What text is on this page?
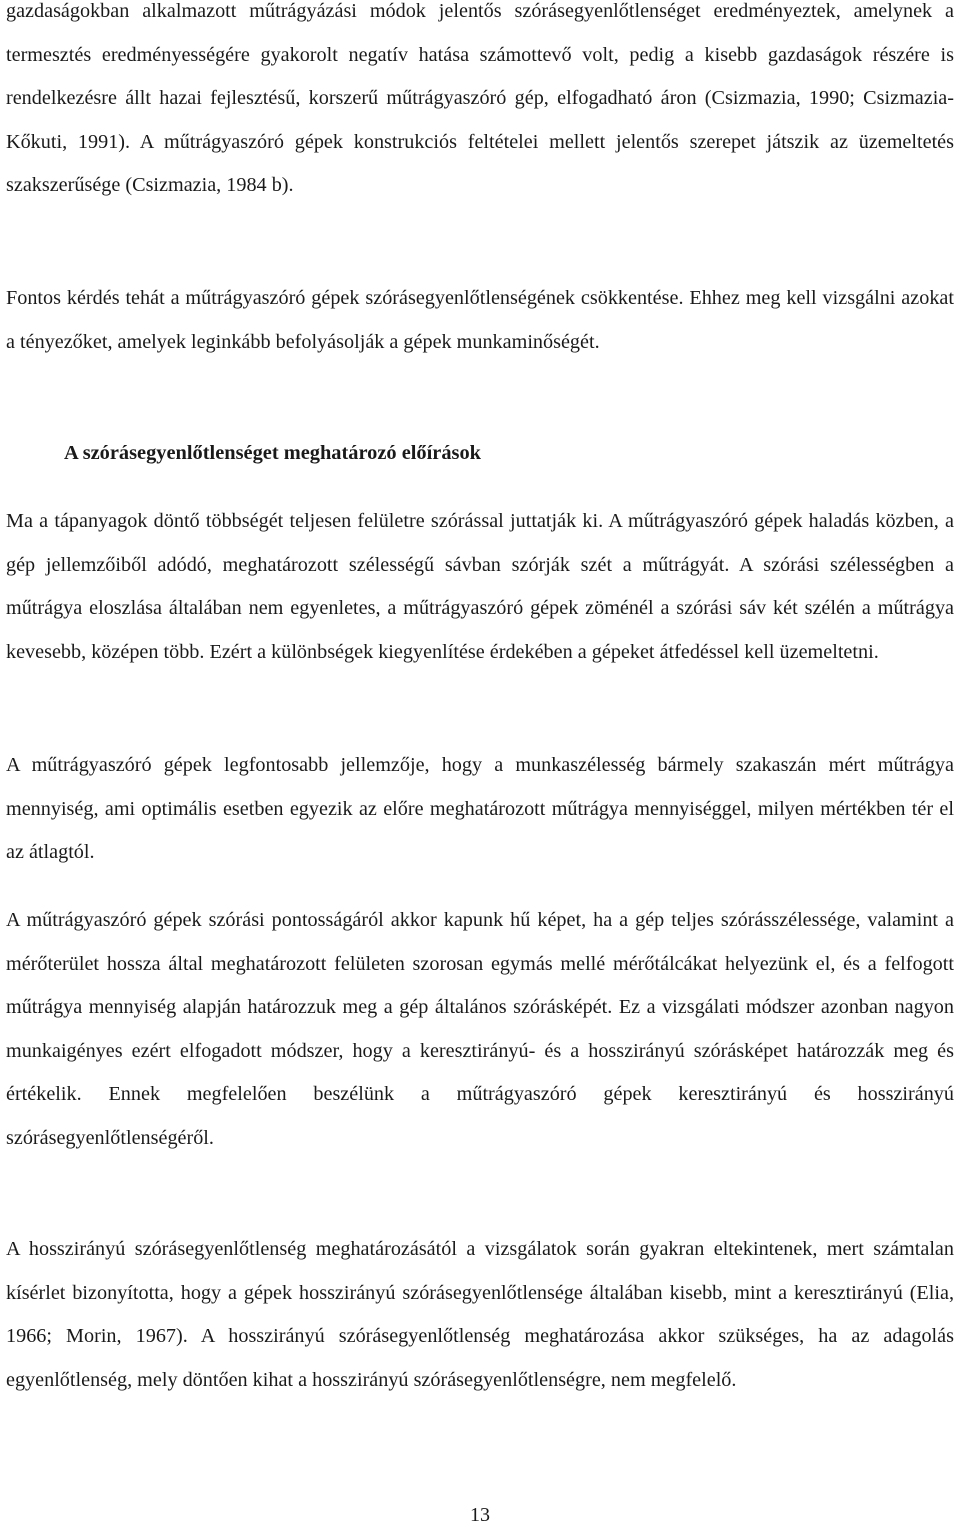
gazdaságokban alkalmazott műtrágyázási módok jelentős szórásegyenlőtlenséget eredményeztek, amelynek a termesztés eredményességére gyakorolt negatív hatása számottevő volt, pedig a kisebb gazdaságok részére is rendelkezésre állt hazai fejlesztésű, korszerű műtrágyaszóró gép, elfogadható áron (Csizmazia, 1990; Csizmazia-Kőkuti, 1991). A műtrágyaszóró gépek konstrukciós feltételei mellett jelentős szerepet játszik az üzemeltetés szakszerűsége (Csizmazia, 1984 b).

Fontos kérdés tehát a műtrágyaszóró gépek szórásegyenlőtlenségének csökkentése. Ehhez meg kell vizsgálni azokat a tényezőket, amelyek leginkább befolyásolják a gépek munkaminőségét.

A szórásegyenlőtlenséget meghatározó előírások

Ma a tápanyagok döntő többségét teljesen felületre szórással juttatják ki. A műtrágyaszóró gépek haladás közben, a gép jellemzőiből adódó, meghatározott szélességű sávban szórják szét a műtrágyát. A szórási szélességben a műtrágya eloszlása általában nem egyenletes, a műtrágyaszóró gépek zöménél a szórási sáv két szélén a műtrágya kevesebb, középen több. Ezért a különbségek kiegyenlítése érdekében a gépeket átfedéssel kell üzemeltetni.

A műtrágyaszóró gépek legfontosabb jellemzője, hogy a munkaszélesség bármely szakaszán mért műtrágya mennyiség, ami optimális esetben egyezik az előre meghatározott műtrágya mennyiséggel, milyen mértékben tér el az átlagtól.

A műtrágyaszóró gépek szórási pontosságáról akkor kapunk hű képet, ha a gép teljes szórásszélessége, valamint a mérőterület hossza által meghatározott felületen szorosan egymás mellé mérőtálcákat helyezünk el, és a felfogott műtrágya mennyiség alapján határozzuk meg a gép általános szórásképét. Ez a vizsgálati módszer azonban nagyon munkaigényes ezért elfogadott módszer, hogy a keresztirányú- és a hosszirányú szórásképet határozzák meg és értékelik. Ennek megfelelően beszélünk a műtrágyaszóró gépek keresztirányú és hosszirányú szórásegyenlőtlenségéről.

A hosszirányú szórásegyenlőtlenség meghatározásától a vizsgálatok során gyakran eltekintenek, mert számtalan kísérlet bizonyította, hogy a gépek hosszirányú szórásegyenlőtlensége általában kisebb, mint a keresztirányú (Elia, 1966; Morin, 1967). A hosszirányú szórásegyenlőtlenség meghatározása akkor szükséges, ha az adagolás egyenlőtlenség, mely döntően kihat a hosszirányú szórásegyenlőtlenségre, nem megfelelő.

13
